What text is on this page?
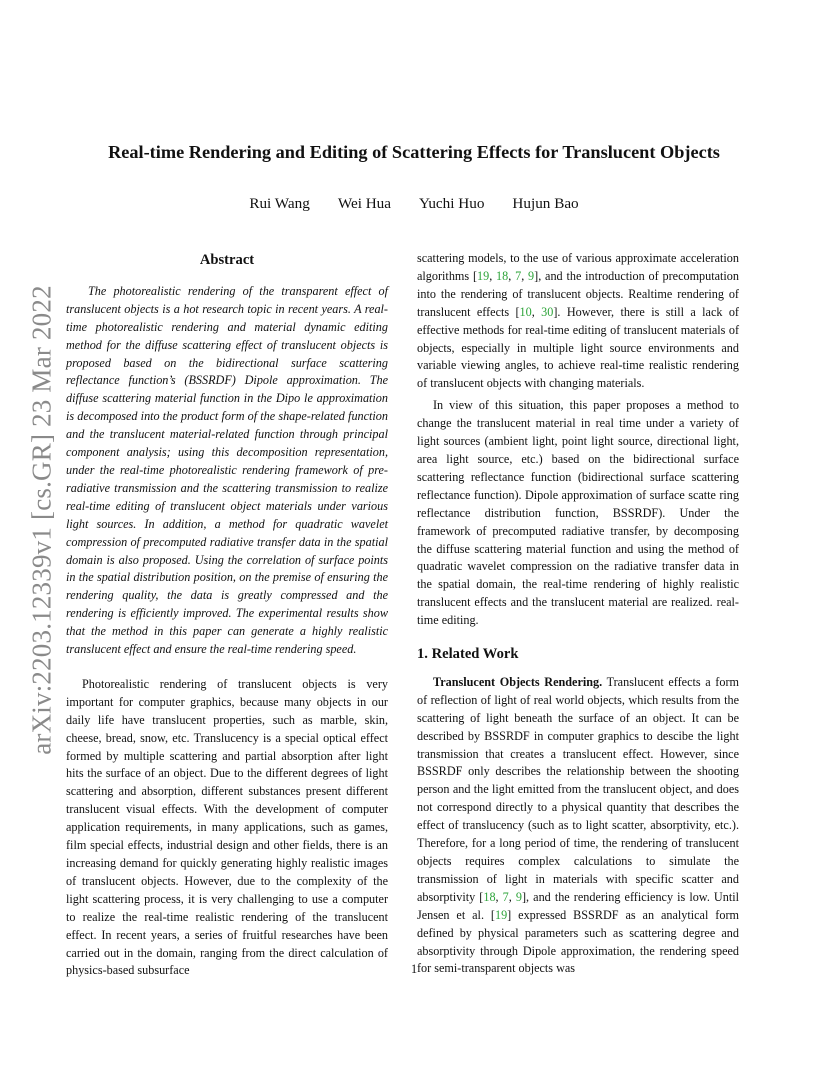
arXiv:2203.12339v1 [cs.GR] 23 Mar 2022
Real-time Rendering and Editing of Scattering Effects for Translucent Objects
Rui Wang Wei Hua Yuchi Huo Hujun Bao
Abstract

The photorealistic rendering of the transparent effect of translucent objects is a hot research topic in recent years. A real-time photorealistic rendering and material dynamic editing method for the diffuse scattering effect of translucent objects is proposed based on the bidirectional surface scattering reflectance function’s (BSSRDF) Dipole approximation. The diffuse scattering material function in the Dipo le approximation is decomposed into the product form of the shape-related function and the translucent material-related function through principal component analysis; using this decomposition representation, under the real-time photorealistic rendering framework of pre-radiative transmission and the scattering transmission to realize real-time editing of translucent object materials under various light sources. In addition, a method for quadratic wavelet compression of precomputed radiative transfer data in the spatial domain is also proposed. Using the correlation of surface points in the spatial distribution position, on the premise of ensuring the rendering quality, the data is greatly compressed and the rendering is efficiently improved. The experimental results show that the method in this paper can generate a highly realistic translucent effect and ensure the real-time rendering speed.

Photorealistic rendering of translucent objects is very important for computer graphics, because many objects in our daily life have translucent properties, such as marble, skin, cheese, bread, snow, etc. Translucency is a special optical effect formed by multiple scattering and partial absorption after light hits the surface of an object. Due to the different degrees of light scattering and absorption, different substances present different translucent visual effects. With the development of computer application requirements, in many applications, such as games, film special effects, industrial design and other fields, there is an increasing demand for quickly generating highly realistic images of translucent objects. However, due to the complexity of the light scattering process, it is very challenging to use a computer to realize the real-time realistic rendering of the translucent effect. In recent years, a series of fruitful researches have been carried out in the domain, ranging from the direct calculation of physics-based subsurface

scattering models, to the use of various approximate acceleration algorithms [19, 18, 7, 9], and the introduction of precomputation into the rendering of translucent objects. Realtime rendering of translucent effects [10, 30]. However, there is still a lack of effective methods for real-time editing of translucent materials of objects, especially in multiple light source environments and variable viewing angles, to achieve real-time realistic rendering of translucent objects with changing materials.

In view of this situation, this paper proposes a method to change the translucent material in real time under a variety of light sources (ambient light, point light source, directional light, area light source, etc.) based on the bidirectional surface scattering reflectance function (bidirectional surface scattering reflectance function). Dipole approximation of surface scatte ring reflectance distribution function, BSSRDF). Under the framework of precomputed radiative transfer, by decomposing the diffuse scattering material function and using the method of quadratic wavelet compression on the radiative transfer data in the spatial domain, the real-time rendering of highly realistic translucent effects and the translucent material are realized. real-time editing.

1. Related Work

Translucent Objects Rendering. Translucent effects a form of reflection of light of real world objects, which results from the scattering of light beneath the surface of an object. It can be described by BSSRDF in computer graphics to descibe the light transmission that creates a translucent effect. However, since BSSRDF only describes the relationship between the shooting person and the light emitted from the translucent object, and does not correspond directly to a physical quantity that describes the effect of translucency (such as to light scatter, absorptivity, etc.). Therefore, for a long period of time, the rendering of translucent objects requires complex calculations to simulate the transmission of light in materials with specific scatter and absorptivity [18, 7, 9], and the rendering efficiency is low. Until Jensen et al. [19] expressed BSSRDF as an analytical form defined by physical parameters such as scattering degree and absorptivity through Dipole approximation, the rendering speed for semi-transparent objects was

1
